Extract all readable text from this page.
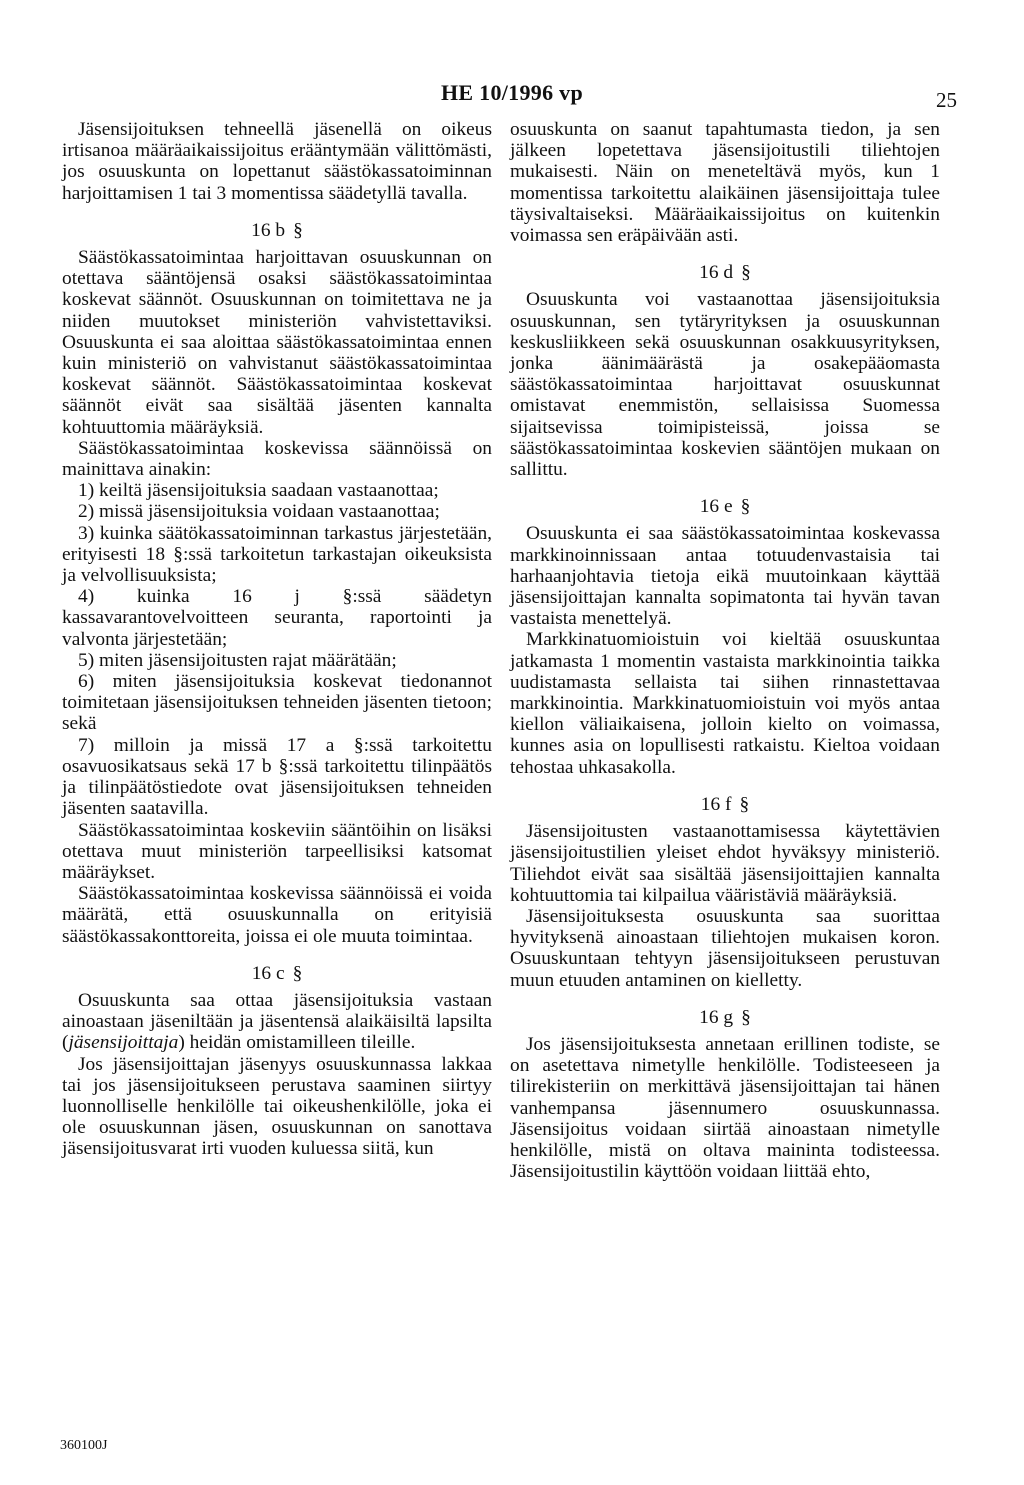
HE 10/1996 vp	25

Jäsensijoituksen tehneellä jäsenellä on oikeus irtisanoa määräaikaissijoitus erääntymään välittömästi, jos osuuskunta on lopettanut säästökassatoiminnan harjoittamisen 1 tai 3 momentissa säädetyllä tavalla.

16 b §

Säästökassatoimintaa harjoittavan osuuskunnan on otettava sääntöjensä osaksi säästökassatoimintaa koskevat säännöt. Osuuskunnan on toimitettava ne ja niiden muutokset ministeriön vahvistettaviksi. Osuuskunta ei saa aloittaa säästökassatoimintaa ennen kuin ministeriö on vahvistanut säästökassatoimintaa koskevat säännöt. Säästökassatoimintaa koskevat säännöt eivät saa sisältää jäsenten kannalta kohtuuttomia määräyksiä.

Säästökassatoimintaa koskevissa säännöissä on mainittava ainakin:

1) keiltä jäsensijoituksia saadaan vastaanottaa;

2) missä jäsensijoituksia voidaan vastaanottaa;

3) kuinka säätökassatoiminnan tarkastus järjestetään, erityisesti 18 §:ssä tarkoitetun tarkastajan oikeuksista ja velvollisuuksista;

4) kuinka 16 j §:ssä säädetyn kassavarantovelvoitteen seuranta, raportointi ja valvonta järjestetään;

5) miten jäsensijoitusten rajat määrätään;

6) miten jäsensijoituksia koskevat tiedonannot toimitetaan jäsensijoituksen tehneiden jäsenten tietoon; sekä

7) milloin ja missä 17 a §:ssä tarkoitettu osavuosikatsaus sekä 17 b §:ssä tarkoitettu tilinpäätös ja tilinpäätöstiedote ovat jäsensijoituksen tehneiden jäsenten saatavilla.

Säästökassatoimintaa koskeviin sääntöihin on lisäksi otettava muut ministeriön tarpeellisiksi katsomat määräykset.

Säästökassatoimintaa koskevissa säännöissä ei voida määrätä, että osuuskunnalla on erityisiä säästökassakonttoreita, joissa ei ole muuta toimintaa.

16 c §

Osuuskunta saa ottaa jäsensijoituksia vastaan ainoastaan jäseniltään ja jäsentensä alaikäisiltä lapsilta (jäsensijoittaja) heidän omistamilleen tileille.

Jos jäsensijoittajan jäsenyys osuuskunnassa lakkaa tai jos jäsensijoitukseen perustava saaminen siirtyy luonnolliselle henkilölle tai oikeushenkilölle, joka ei ole osuuskunnan jäsen, osuuskunnan on sanottava jäsensijoitusvarat irti vuoden kuluessa siitä, kun

osuuskunta on saanut tapahtumasta tiedon, ja sen jälkeen lopetettava jäsensijoitustili tiliehtojen mukaisesti. Näin on meneteltävä myös, kun 1 momentissa tarkoitettu alaikäinen jäsensijoittaja tulee täysivaltaiseksi. Määräaikaissijoitus on kuitenkin voimassa sen eräpäivään asti.

16 d §

Osuuskunta voi vastaanottaa jäsensijoituksia osuuskunnan, sen tytäryrityksen ja osuuskunnan keskusliikkeen sekä osuuskunnan osakkuusyrityksen, jonka äänimäärästä ja osakepääomasta säästökassatoimintaa harjoittavat osuuskunnat omistavat enemmistön, sellaisissa Suomessa sijaitsevissa toimipisteissä, joissa se säästökassatoimintaa koskevien sääntöjen mukaan on sallittu.

16 e §

Osuuskunta ei saa säästökassatoimintaa koskevassa markkinoinnissaan antaa totuudenvastaisia tai harhaanjohtavia tietoja eikä muutoinkaan käyttää jäsensijoittajan kannalta sopimatonta tai hyvän tavan vastaista menettelyä.

Markkinatuomioistuin voi kieltää osuuskuntaa jatkamasta 1 momentin vastaista markkinointia taikka uudistamasta sellaista tai siihen rinnastettavaa markkinointia. Markkinatuomioistuin voi myös antaa kiellon väliaikaisena, jolloin kielto on voimassa, kunnes asia on lopullisesti ratkaistu. Kieltoa voidaan tehostaa uhkasakolla.

16 f §

Jäsensijoitusten vastaanottamisessa käytettävien jäsensijoitustilien yleiset ehdot hyväksyy ministeriö. Tiliehdot eivät saa sisältää jäsensijoittajien kannalta kohtuuttomia tai kilpailua vääristäviä määräyksiä.

Jäsensijoituksesta osuuskunta saa suorittaa hyvityksenä ainoastaan tiliehtojen mukaisen koron. Osuuskuntaan tehtyyn jäsensijoitukseen perustuvan muun etuuden antaminen on kielletty.

16 g §

Jos jäsensijoituksesta annetaan erillinen todiste, se on asetettava nimetylle henkilölle. Todisteeseen ja tilirekisteriin on merkittävä jäsensijoittajan tai hänen vanhempansa jäsennumero osuuskunnassa. Jäsensijoitus voidaan siirtää ainoastaan nimetylle henkilölle, mistä on oltava maininta todisteessa. Jäsensijoitustilin käyttöön voidaan liittää ehto,

360100J
